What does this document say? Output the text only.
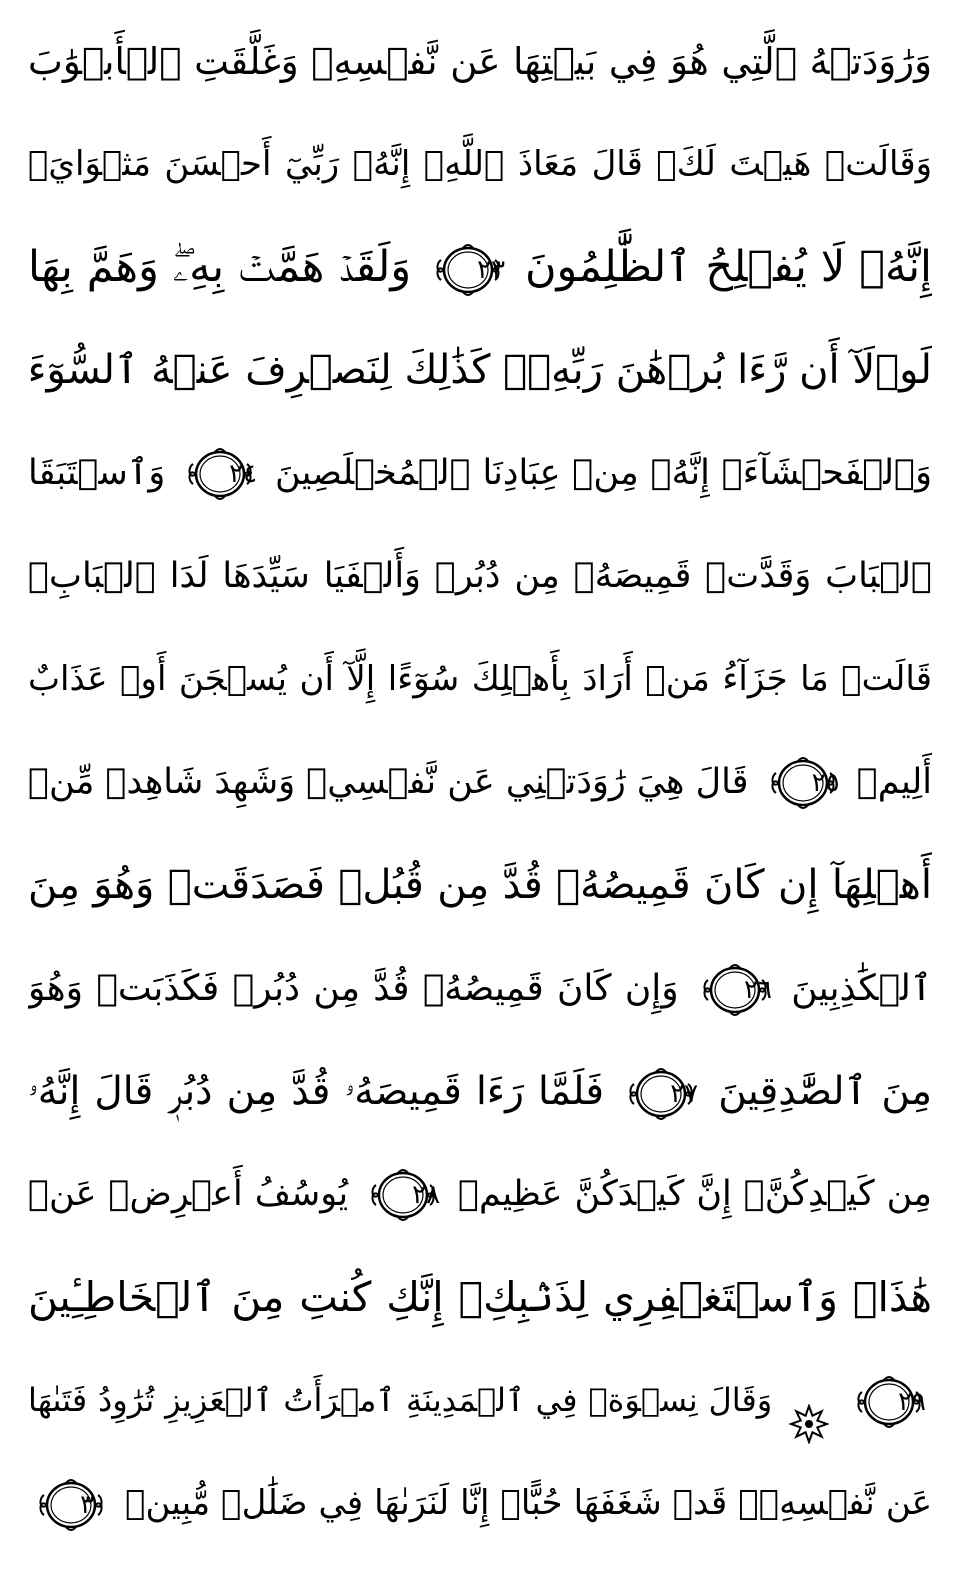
وَرَٰوَدَتۡهُ ٱلَّتِي هُوَ فِي بَيۡتِهَا عَن نَّفۡسِهِۦ وَغَلَّقَتِ ٱلۡأَبۡوَٰبَ
وَقَالَتۡ هَيۡتَ لَكَۚ قَالَ مَعَاذَ ٱللَّهِۖ إِنَّهُۥ رَبِّيٓ أَحۡسَنَ مَثۡوَايَۖ
إِنَّهُۥ لَا يُفۡلِحُ ٱلظَّٰلِمُونَ
٢٣
وَلَقَدۡ هَمَّتۡ بِهِۦۖ وَهَمَّ بِهَا
لَوۡلَآ أَن رَّءَا بُرۡهَٰنَ رَبِّهِۦۚ كَذَٰلِكَ لِنَصۡرِفَ عَنۡهُ ٱلسُّوٓءَ
وَٱلۡفَحۡشَآءَۚ إِنَّهُۥ مِنۡ عِبَادِنَا ٱلۡمُخۡلَصِينَ
٢٤
وَٱسۡتَبَقَا
ٱلۡبَابَ وَقَدَّتۡ قَمِيصَهُۥ مِن دُبُرٖ وَأَلۡفَيَا سَيِّدَهَا لَدَا ٱلۡبَابِۚ
قَالَتۡ مَا جَزَآءُ مَنۡ أَرَادَ بِأَهۡلِكَ سُوٓءًا إِلَّآ أَن يُسۡجَنَ أَوۡ عَذَابٌ
أَلِيمٞ
٢٥
قَالَ هِيَ رَٰوَدَتۡنِي عَن نَّفۡسِيۚ وَشَهِدَ شَاهِدٞ مِّنۡ
أَهۡلِهَآ إِن كَانَ قَمِيصُهُۥ قُدَّ مِن قُبُلٖ فَصَدَقَتۡ وَهُوَ مِنَ
ٱلۡكَٰذِبِينَ
٢٦
وَإِن كَانَ قَمِيصُهُۥ قُدَّ مِن دُبُرٖ فَكَذَبَتۡ وَهُوَ
مِنَ ٱلصَّٰدِقِينَ
٢٧
فَلَمَّا رَءَا قَمِيصَهُۥ قُدَّ مِن دُبُرٖ قَالَ إِنَّهُۥ
مِن كَيۡدِكُنَّۖ إِنَّ كَيۡدَكُنَّ عَظِيمٞ
٢٨
يُوسُفُ أَعۡرِضۡ عَنۡ
هَٰذَاۚ وَٱسۡتَغۡفِرِي لِذَنۢبِكِۖ إِنَّكِ كُنتِ مِنَ ٱلۡخَاطِـِٔينَ
٢٩
وَقَالَ نِسۡوَةٞ فِي ٱلۡمَدِينَةِ ٱمۡرَأَتُ ٱلۡعَزِيزِ تُرَٰوِدُ فَتَىٰهَا
عَن نَّفۡسِهِۦۖ قَدۡ شَغَفَهَا حُبًّاۖ إِنَّا لَنَرَىٰهَا فِي ضَلَٰلٖ مُّبِينٖ
٣٠
